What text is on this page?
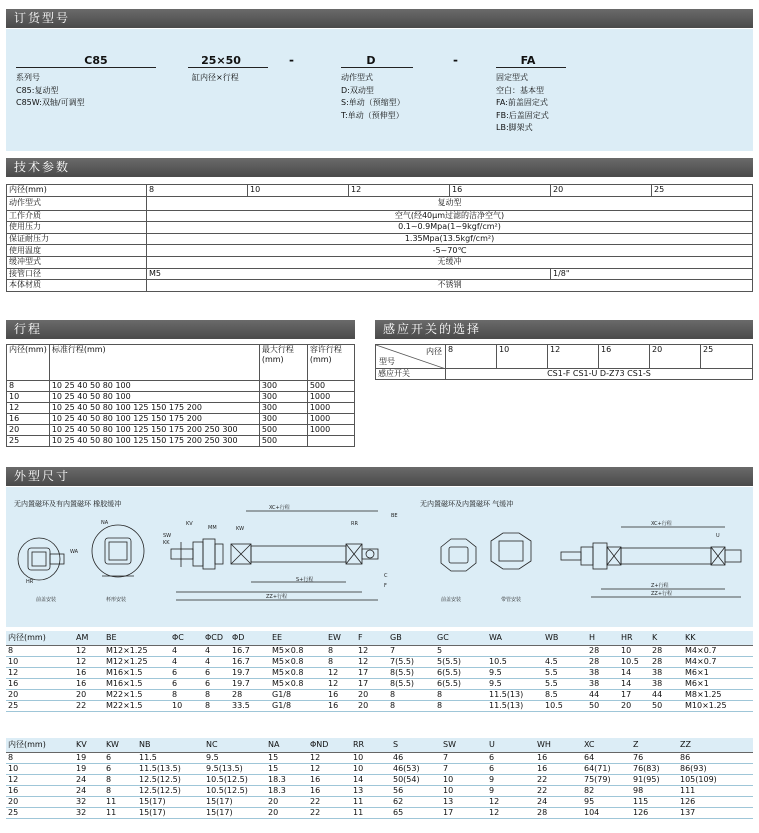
订货型号
C85	25×50	-	D	-	FA
系列号
C85:复动型
C85W:双轴/可调型
缸内径×行程	动作型式
D:双动型
S:单动（预缩型）
T:单动（预伸型）
固定型式
空白：基本型
FA:前盖固定式
FB:后盖固定式
LB:脚架式
技术参数
内径(mm)	8	10	12	16	20	25
动作型式	复动型					
工作介质	空气(经40μm过滤的洁净空气)					
使用压力	0.1~0.9Mpa(1~9kgf/cm²)					
保证耐压力	1.35Mpa(13.5kgf/cm²)					
使用温度	-5~70℃					
缓冲型式	无缓冲					
接管口径	M5				1/8"	
本体材质	不锈钢					
行程
内径(mm)	标准行程(mm)	最大行程 (mm)	容许行程 (mm)
8	10 25 40 50 80 100	300	500
10	10 25 40 50 80 100	300	1000
12	10 25 40 50 80 100 125 150 175 200	300	1000
16	10 25 40 50 80 100 125 150 175 200	300	1000
20	10 25 40 50 80 100 125 150 175 200 250 300	500	1000
25	10 25 40 50 80 100 125 150 175 200 250 300	500	
感应开关的选择
内径
型号	8	10	12	16	20	25
感应开关	CS1-F CS1-U D-Z73 CS1-S					
外型尺寸
无内置磁环及有内置磁环 橡胶缓冲	无内置磁环及内置磁环 气缓冲
XC+行程
S+行程
ZZ+行程
SW
KK
KV
MM	KW
RR
BE
C
F
NA
WA
HR
前盖安装	杯形安装
XC+行程
Z+行程
ZZ+行程
U
前盖安装	带管安装
内径(mm)	AM	BE	ΦC	ΦCD	ΦD	EE	EW	F	GB	GC	WA	WB	H	HR	K	KK
8	12	M12×1.25	4	4	16.7	M5×0.8	8	12	7	5			28	10	28	M4×0.7
10	12	M12×1.25	4	4	16.7	M5×0.8	8	12	7(5.5)	5(5.5)	10.5	4.5	28	10.5	28	M4×0.7
12	16	M16×1.5	6	6	19.7	M5×0.8	12	17	8(5.5)	6(5.5)	9.5	5.5	38	14	38	M6×1
16	16	M16×1.5	6	6	19.7	M5×0.8	12	17	8(5.5)	6(5.5)	9.5	5.5	38	14	38	M6×1
20	20	M22×1.5	8	8	28	G1/8	16	20	8	8	11.5(13)	8.5	44	17	44	M8×1.25
25	22	M22×1.5	10	8	33.5	G1/8	16	20	8	8	11.5(13)	10.5	50	20	50	M10×1.25
内径(mm)	KV	KW	NB	NC	NA	ΦND	RR	S	SW	U	WH	XC	Z	ZZ
8	19	6	11.5	9.5	15	12	10	46	7	6	16	64	76	86
10	19	6	11.5(13.5)	9.5(13.5)	15	12	10	46(53)	7	6	16	64(71)	76(83)	86(93)
12	24	8	12.5(12.5)	10.5(12.5)	18.3	16	14	50(54)	10	9	22	75(79)	91(95)	105(109)
16	24	8	12.5(12.5)	10.5(12.5)	18.3	16	13	56	10	9	22	82	98	111
20	32	11	15(17)	15(17)	20	22	11	62	13	12	24	95	115	126
25	32	11	15(17)	15(17)	20	22	11	65	17	12	28	104	126	137
